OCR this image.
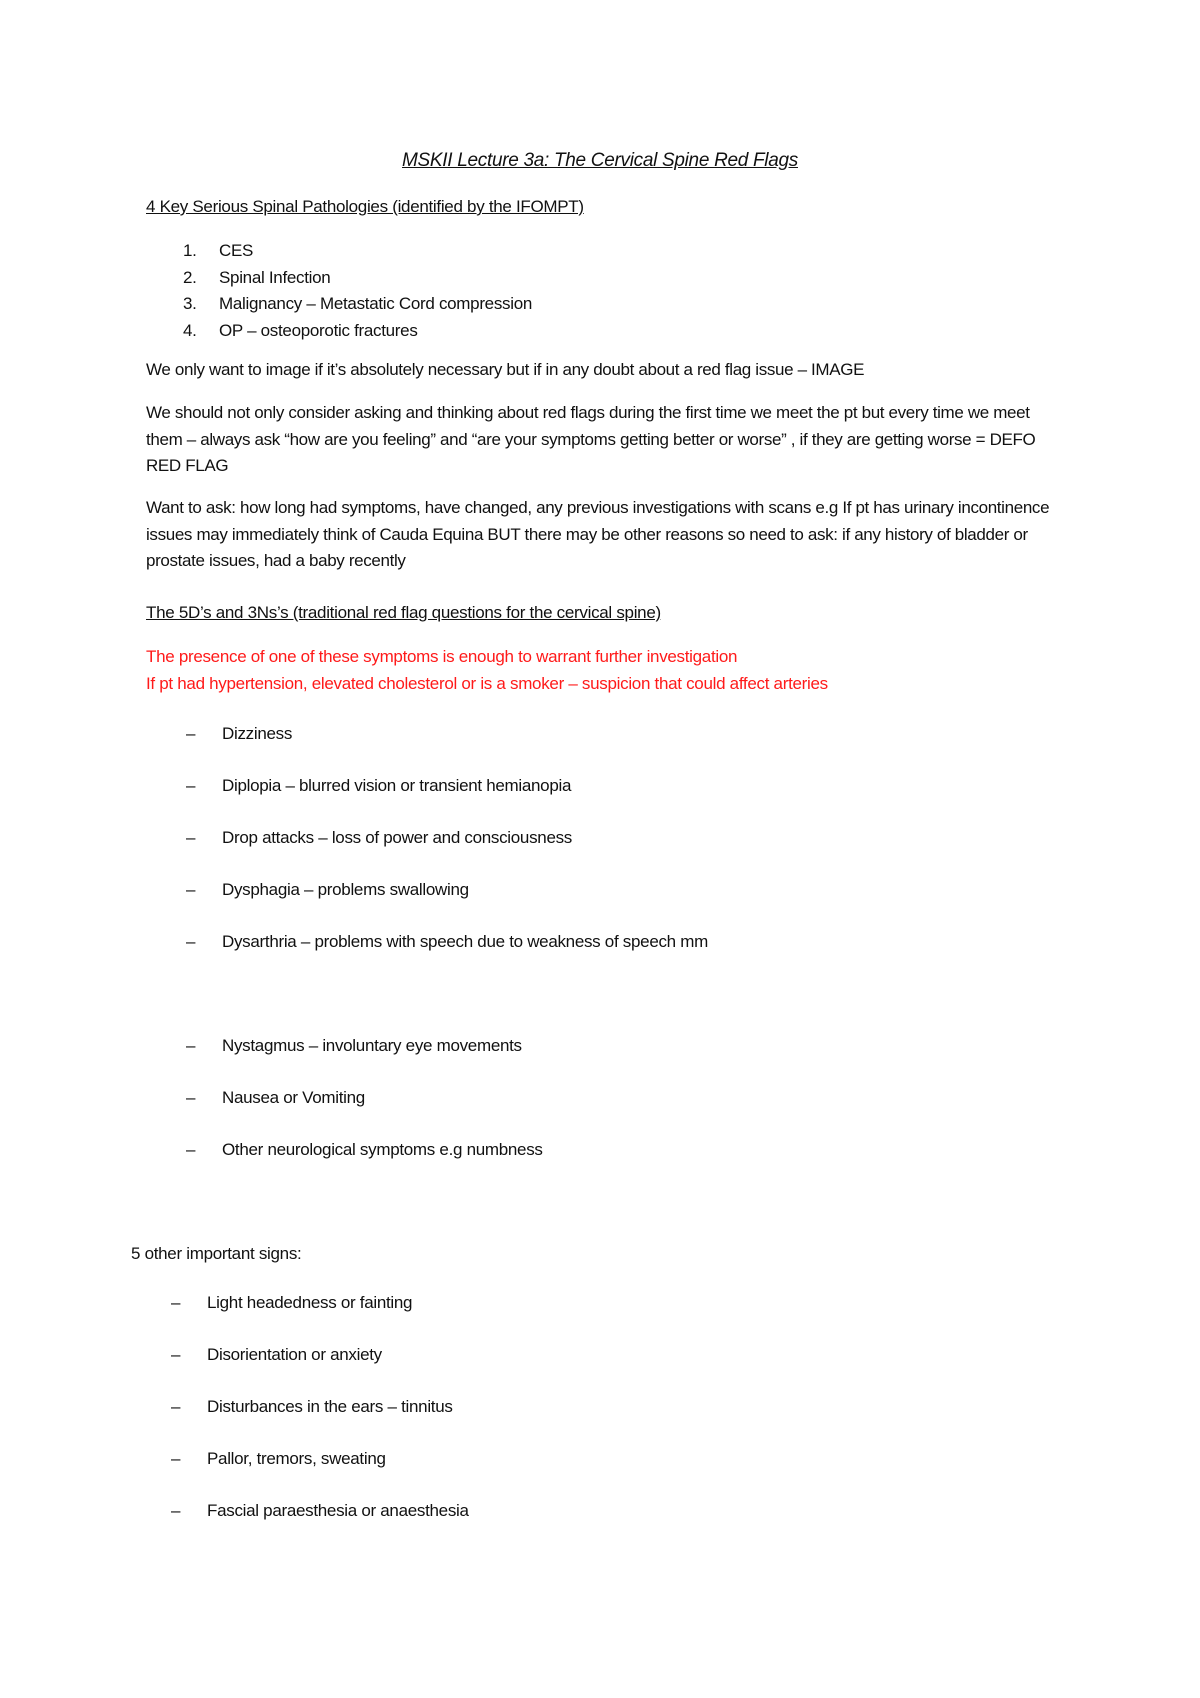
MSKII Lecture 3a: The Cervical Spine Red Flags
4 Key Serious Spinal Pathologies (identified by the IFOMPT)
1. CES
2. Spinal Infection
3. Malignancy – Metastatic Cord compression
4. OP – osteoporotic fractures
We only want to image if it’s absolutely necessary but if in any doubt about a red flag issue – IMAGE
We should not only consider asking and thinking about red flags during the first time we meet the pt but every time we meet them – always ask “how are you feeling” and “are your symptoms getting better or worse” , if they are getting worse = DEFO RED FLAG
Want to ask: how long had symptoms, have changed, any previous investigations with scans e.g If pt has urinary incontinence issues may immediately think of Cauda Equina BUT there may be other reasons so need to ask: if any history of bladder or prostate issues, had a baby recently
The 5D’s and 3Ns’s (traditional red flag questions for the cervical spine)
The presence of one of these symptoms is enough to warrant further investigation
If pt had hypertension, elevated cholesterol or is a smoker – suspicion that could affect arteries
– Dizziness
– Diplopia – blurred vision or transient hemianopia
– Drop attacks – loss of power and consciousness
– Dysphagia – problems swallowing
– Dysarthria – problems with speech due to weakness of speech mm
– Nystagmus – involuntary eye movements
– Nausea or Vomiting
– Other neurological symptoms e.g numbness
5 other important signs:
– Light headedness or fainting
– Disorientation or anxiety
– Disturbances in the ears – tinnitus
– Pallor, tremors, sweating
– Fascial paraesthesia or anaesthesia
